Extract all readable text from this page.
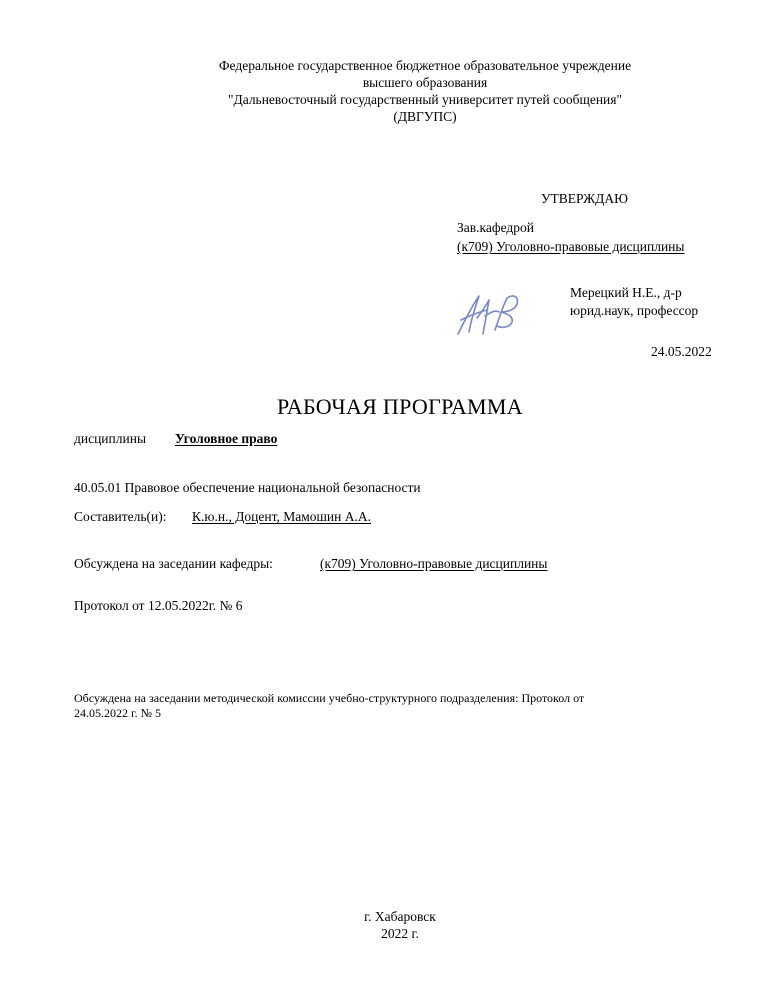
Федеральное государственное бюджетное образовательное учреждение
высшего образования
"Дальневосточный государственный университет путей сообщения"
(ДВГУПС)
УТВЕРЖДАЮ
Зав.кафедрой
(к709) Уголовно-правовые дисциплины
Мерецкий Н.Е., д-р
юрид.наук, профессор
24.05.2022
РАБОЧАЯ ПРОГРАММА
дисциплины Уголовное право
40.05.01 Правовое обеспечение национальной безопасности
Составитель(и): К.ю.н., Доцент, Мамошин А.А.
Обсуждена на заседании кафедры:	(к709) Уголовно-правовые дисциплины
Протокол от 12.05.2022г. № 6
Обсуждена на заседании методической комиссии учебно-структурного подразделения: Протокол от
24.05.2022 г. № 5
г. Хабаровск
2022 г.
